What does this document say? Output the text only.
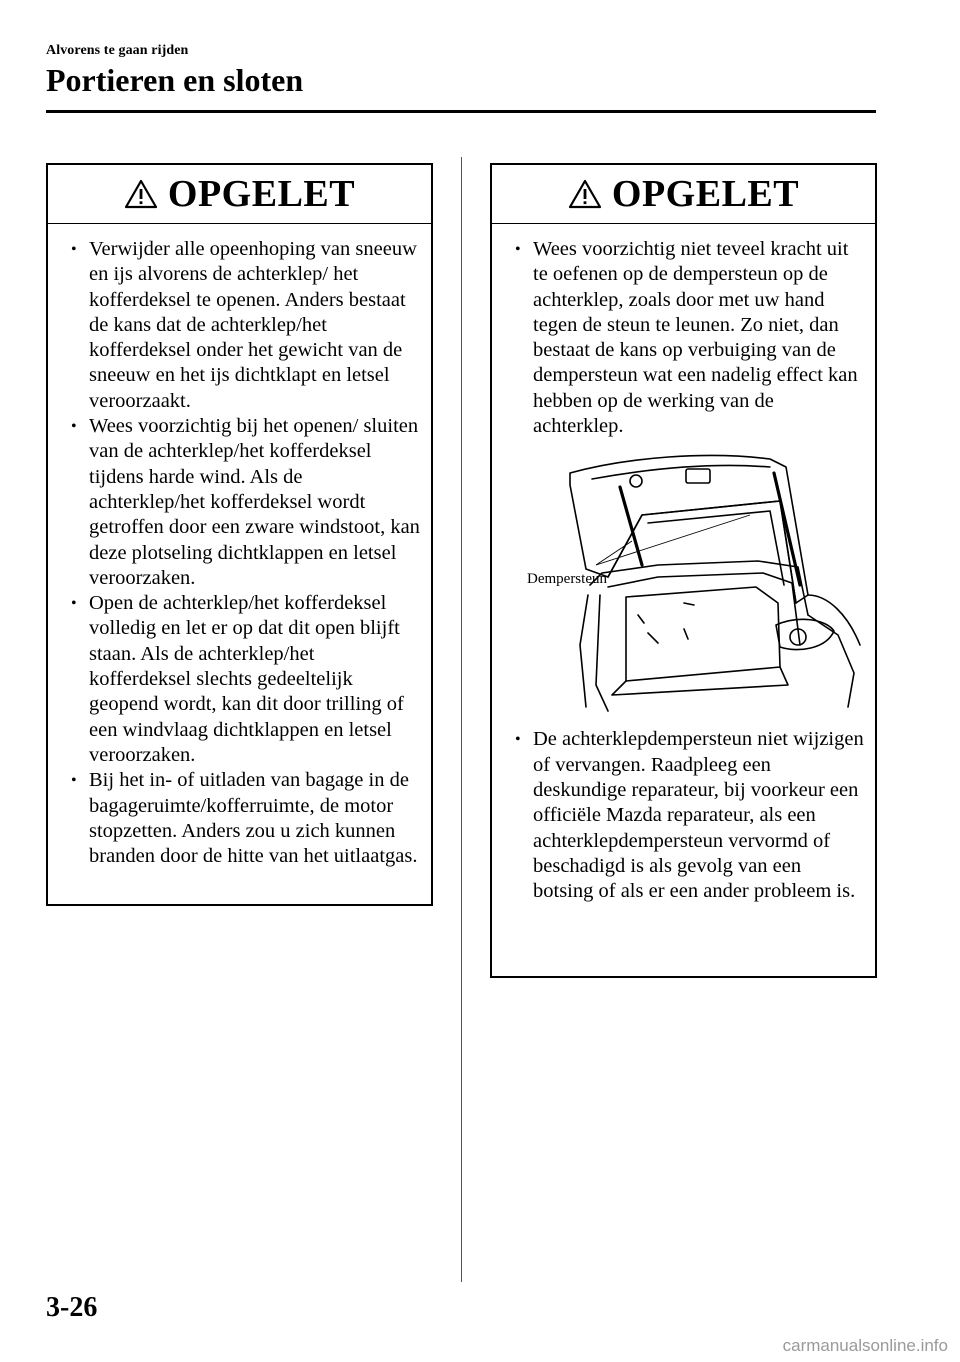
Alvorens te gaan rijden
Portieren en sloten
OPGELET
• Verwijder alle opeenhoping van sneeuw en ijs alvorens de achterklep/ het kofferdeksel te openen. Anders bestaat de kans dat de achterklep/het kofferdeksel onder het gewicht van de sneeuw en het ijs dichtklapt en letsel veroorzaakt.
• Wees voorzichtig bij het openen/ sluiten van de achterklep/het kofferdeksel tijdens harde wind. Als de achterklep/het kofferdeksel wordt getroffen door een zware windstoot, kan deze plotseling dichtklappen en letsel veroorzaken.
• Open de achterklep/het kofferdeksel volledig en let er op dat dit open blijft staan. Als de achterklep/het kofferdeksel slechts gedeeltelijk geopend wordt, kan dit door trilling of een windvlaag dichtklappen en letsel veroorzaken.
• Bij het in- of uitladen van bagage in de bagageruimte/kofferruimte, de motor stopzetten. Anders zou u zich kunnen branden door de hitte van het uitlaatgas.
OPGELET
• Wees voorzichtig niet teveel kracht uit te oefenen op de dempersteun op de achterklep, zoals door met uw hand tegen de steun te leunen. Zo niet, dan bestaat de kans op verbuiging van de dempersteun wat een nadelig effect kan hebben op de werking van de achterklep.
Dempersteun
• De achterklepdempersteun niet wijzigen of vervangen. Raadpleeg een deskundige reparateur, bij voorkeur een officiële Mazda reparateur, als een achterklepdempersteun vervormd of beschadigd is als gevolg van een botsing of als er een ander probleem is.
3-26
carmanualsonline.info
